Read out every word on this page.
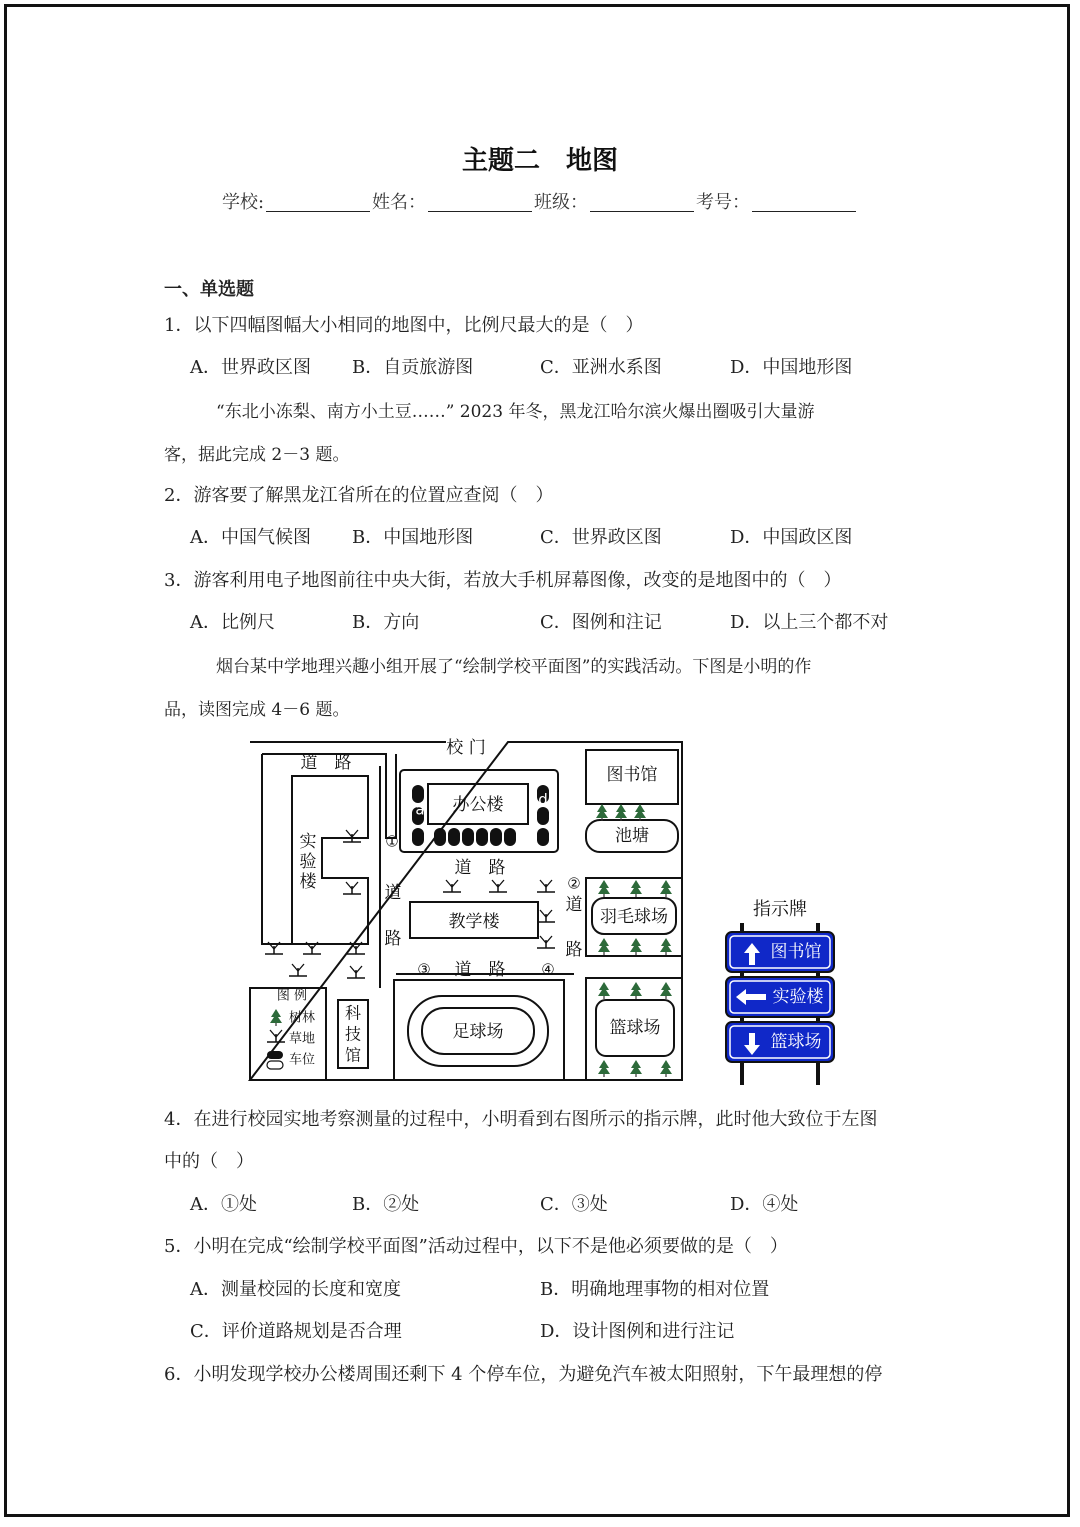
主题二　地图
学校:	姓名：	班级：	考号：
一、单选题
1．以下四幅图幅大小相同的地图中，比例尺最大的是（　）
A．世界政区图 B．自贡旅游图	C．亚洲水系图	D．中国地形图
“东北小冻梨、南方小土豆……” 2023 年冬，黑龙江哈尔滨火爆出圈吸引大量游
客，据此完成 2－3 题。
2．游客要了解黑龙江省所在的位置应查阅（　）
A．中国气候图 B．中国地形图	C．世界政区图	D．中国政区图
3．游客利用电子地图前往中央大街，若放大手机屏幕图像，改变的是地图中的（　）
A．比例尺	B．方向	C．图例和注记	D．以上三个都不对
烟台某中学地理兴趣小组开展了“绘制学校平面图”的实践活动。下图是小明的作
品，读图完成 4－6 题。
校 门
道　路
道　路
道　路
道
路
道
路
图书馆
办公楼
池塘
实
验
楼
教学楼	羽毛球场
足球场	篮球场
科
技
馆
图 例
树林
草地
车位
①
②
③	④
a
b	c
d
指示牌
图书馆
实验楼
篮球场
4．在进行校园实地考察测量的过程中，小明看到右图所示的指示牌，此时他大致位于左图
中的（　）
A．①处	B．②处	C．③处	D．④处
5．小明在完成“绘制学校平面图”活动过程中，以下不是他必须要做的是（　）
A．测量校园的长度和宽度	B．明确地理事物的相对位置
C．评价道路规划是否合理	D．设计图例和进行注记
6．小明发现学校办公楼周围还剩下 4 个停车位，为避免汽车被太阳照射，下午最理想的停
